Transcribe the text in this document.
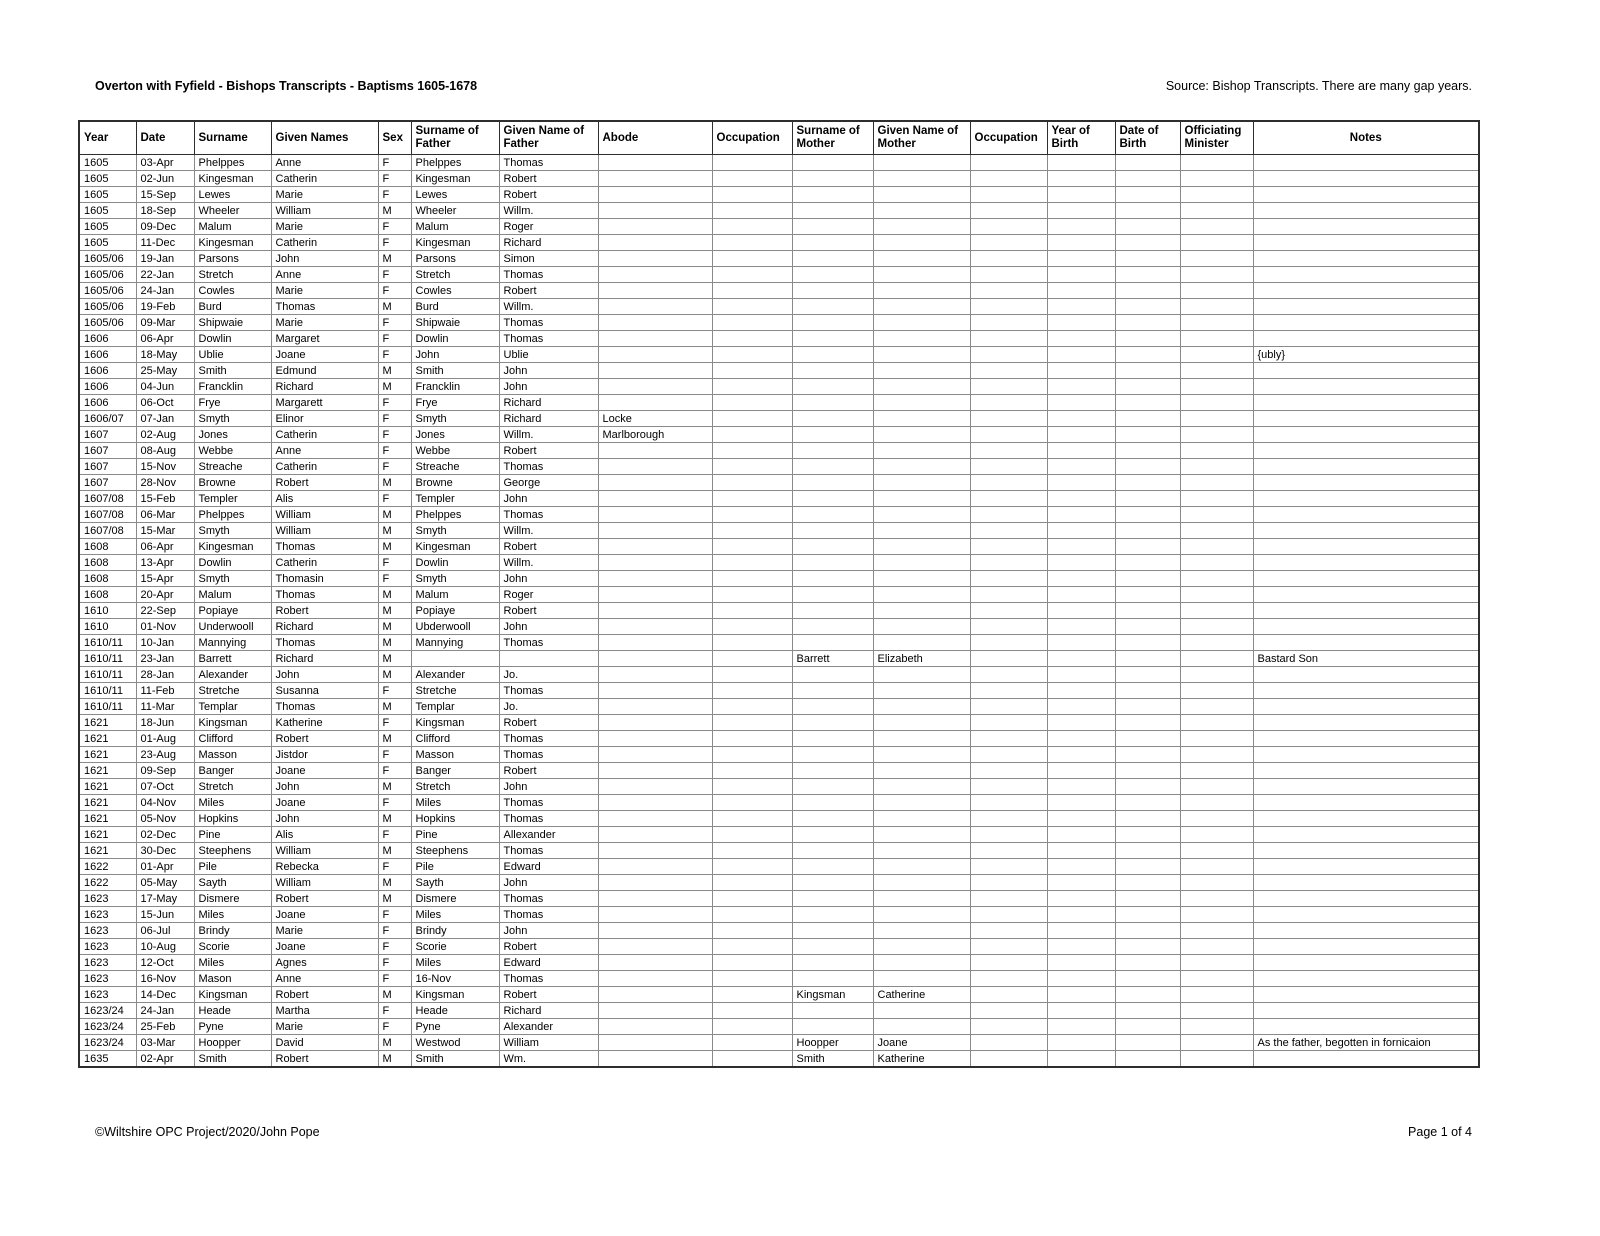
Overton with Fyfield - Bishops Transcripts - Baptisms 1605-1678	Source: Bishop Transcripts. There are many gap years.
Year	Date	Surname	Given Names	Sex	Surname of Father	Given Name of Father	Abode	Occupation	Surname of Mother	Given Name of Mother	Occupation	Year of Birth	Date of Birth	Officiating Minister	Notes
1605	03-Apr	Phelppes	Anne	F	Phelppes	Thomas									
1605	02-Jun	Kingesman	Catherin	F	Kingesman	Robert									
1605	15-Sep	Lewes	Marie	F	Lewes	Robert									
1605	18-Sep	Wheeler	William	M	Wheeler	Willm.									
1605	09-Dec	Malum	Marie	F	Malum	Roger									
1605	11-Dec	Kingesman	Catherin	F	Kingesman	Richard									
1605/06	19-Jan	Parsons	John	M	Parsons	Simon									
1605/06	22-Jan	Stretch	Anne	F	Stretch	Thomas									
1605/06	24-Jan	Cowles	Marie	F	Cowles	Robert									
1605/06	19-Feb	Burd	Thomas	M	Burd	Willm.									
1605/06	09-Mar	Shipwaie	Marie	F	Shipwaie	Thomas									
1606	06-Apr	Dowlin	Margaret	F	Dowlin	Thomas									
1606	18-May	Ublie	Joane	F	John	Ublie									{ubly}
1606	25-May	Smith	Edmund	M	Smith	John									
1606	04-Jun	Francklin	Richard	M	Francklin	John									
1606	06-Oct	Frye	Margarett	F	Frye	Richard									
1606/07	07-Jan	Smyth	Elinor	F	Smyth	Richard	Locke								
1607	02-Aug	Jones	Catherin	F	Jones	Willm.	Marlborough								
1607	08-Aug	Webbe	Anne	F	Webbe	Robert									
1607	15-Nov	Streache	Catherin	F	Streache	Thomas									
1607	28-Nov	Browne	Robert	M	Browne	George									
1607/08	15-Feb	Templer	Alis	F	Templer	John									
1607/08	06-Mar	Phelppes	William	M	Phelppes	Thomas									
1607/08	15-Mar	Smyth	William	M	Smyth	Willm.									
1608	06-Apr	Kingesman	Thomas	M	Kingesman	Robert									
1608	13-Apr	Dowlin	Catherin	F	Dowlin	Willm.									
1608	15-Apr	Smyth	Thomasin	F	Smyth	John									
1608	20-Apr	Malum	Thomas	M	Malum	Roger									
1610	22-Sep	Popiaye	Robert	M	Popiaye	Robert									
1610	01-Nov	Underwooll	Richard	M	Ubderwooll	John									
1610/11	10-Jan	Mannying	Thomas	M	Mannying	Thomas									
1610/11	23-Jan	Barrett	Richard	M					Barrett	Elizabeth					Bastard Son
1610/11	28-Jan	Alexander	John	M	Alexander	Jo.									
1610/11	11-Feb	Stretche	Susanna	F	Stretche	Thomas									
1610/11	11-Mar	Templar	Thomas	M	Templar	Jo.									
1621	18-Jun	Kingsman	Katherine	F	Kingsman	Robert									
1621	01-Aug	Clifford	Robert	M	Clifford	Thomas									
1621	23-Aug	Masson	Jistdor	F	Masson	Thomas									
1621	09-Sep	Banger	Joane	F	Banger	Robert									
1621	07-Oct	Stretch	John	M	Stretch	John									
1621	04-Nov	Miles	Joane	F	Miles	Thomas									
1621	05-Nov	Hopkins	John	M	Hopkins	Thomas									
1621	02-Dec	Pine	Alis	F	Pine	Allexander									
1621	30-Dec	Steephens	William	M	Steephens	Thomas									
1622	01-Apr	Pile	Rebecka	F	Pile	Edward									
1622	05-May	Sayth	William	M	Sayth	John									
1623	17-May	Dismere	Robert	M	Dismere	Thomas									
1623	15-Jun	Miles	Joane	F	Miles	Thomas									
1623	06-Jul	Brindy	Marie	F	Brindy	John									
1623	10-Aug	Scorie	Joane	F	Scorie	Robert									
1623	12-Oct	Miles	Agnes	F	Miles	Edward									
1623	16-Nov	Mason	Anne	F	16-Nov	Thomas									
1623	14-Dec	Kingsman	Robert	M	Kingsman	Robert			Kingsman	Catherine					
1623/24	24-Jan	Heade	Martha	F	Heade	Richard									
1623/24	25-Feb	Pyne	Marie	F	Pyne	Alexander									
1623/24	03-Mar	Hoopper	David	M	Westwod	William			Hoopper	Joane					As the father, begotten in fornicaion
1635	02-Apr	Smith	Robert	M	Smith	Wm.			Smith	Katherine					
©Wiltshire OPC Project/2020/John Pope	Page 1 of 4
